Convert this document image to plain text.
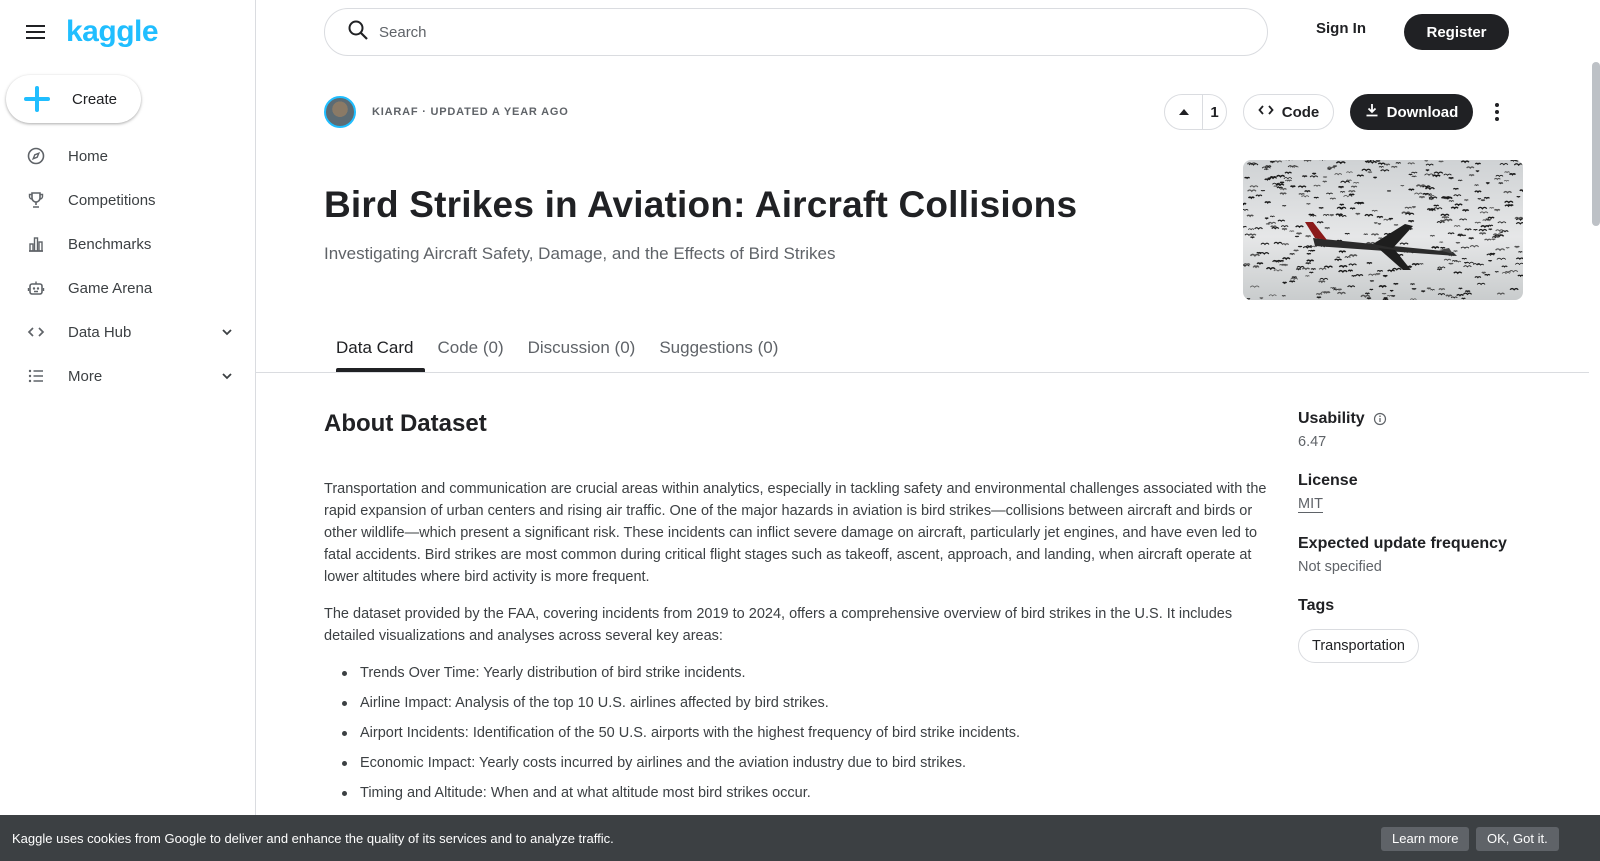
kaggle
Create
Home
Competitions
Benchmarks
Game Arena
Data Hub
More
Search
Sign In	Register
KIARAF · UPDATED A YEAR AGO	1	Code	Download
Bird Strikes in Aviation: Aircraft Collisions

Investigating Aircraft Safety, Damage, and the Effects of Bird Strikes

Data Card	Code (0)	Discussion (0)	Suggestions (0)
About Dataset

Transportation and communication are crucial areas within analytics, especially in tackling safety and environmental challenges associated with the rapid expansion of urban centers and rising air traffic. One of the major hazards in aviation is bird strikes—collisions between aircraft and birds or other wildlife—which present a significant risk. These incidents can inflict severe damage on aircraft, particularly jet engines, and have even led to fatal accidents. Bird strikes are most common during critical flight stages such as takeoff, ascent, approach, and landing, when aircraft operate at lower altitudes where bird activity is more frequent.

The dataset provided by the FAA, covering incidents from 2019 to 2024, offers a comprehensive overview of bird strikes in the U.S. It includes detailed visualizations and analyses across several key areas:

Trends Over Time: Yearly distribution of bird strike incidents.
Airline Impact: Analysis of the top 10 U.S. airlines affected by bird strikes.
Airport Incidents: Identification of the 50 U.S. airports with the highest frequency of bird strike incidents.
Economic Impact: Yearly costs incurred by airlines and the aviation industry due to bird strikes.
Timing and Altitude: When and at what altitude most bird strikes occur.
Usability
6.47
License
MIT
Expected update frequency
Not specified
Tags
Transportation
Kaggle uses cookies from Google to deliver and enhance the quality of its services and to analyze traffic.	Learn more	OK, Got it.
